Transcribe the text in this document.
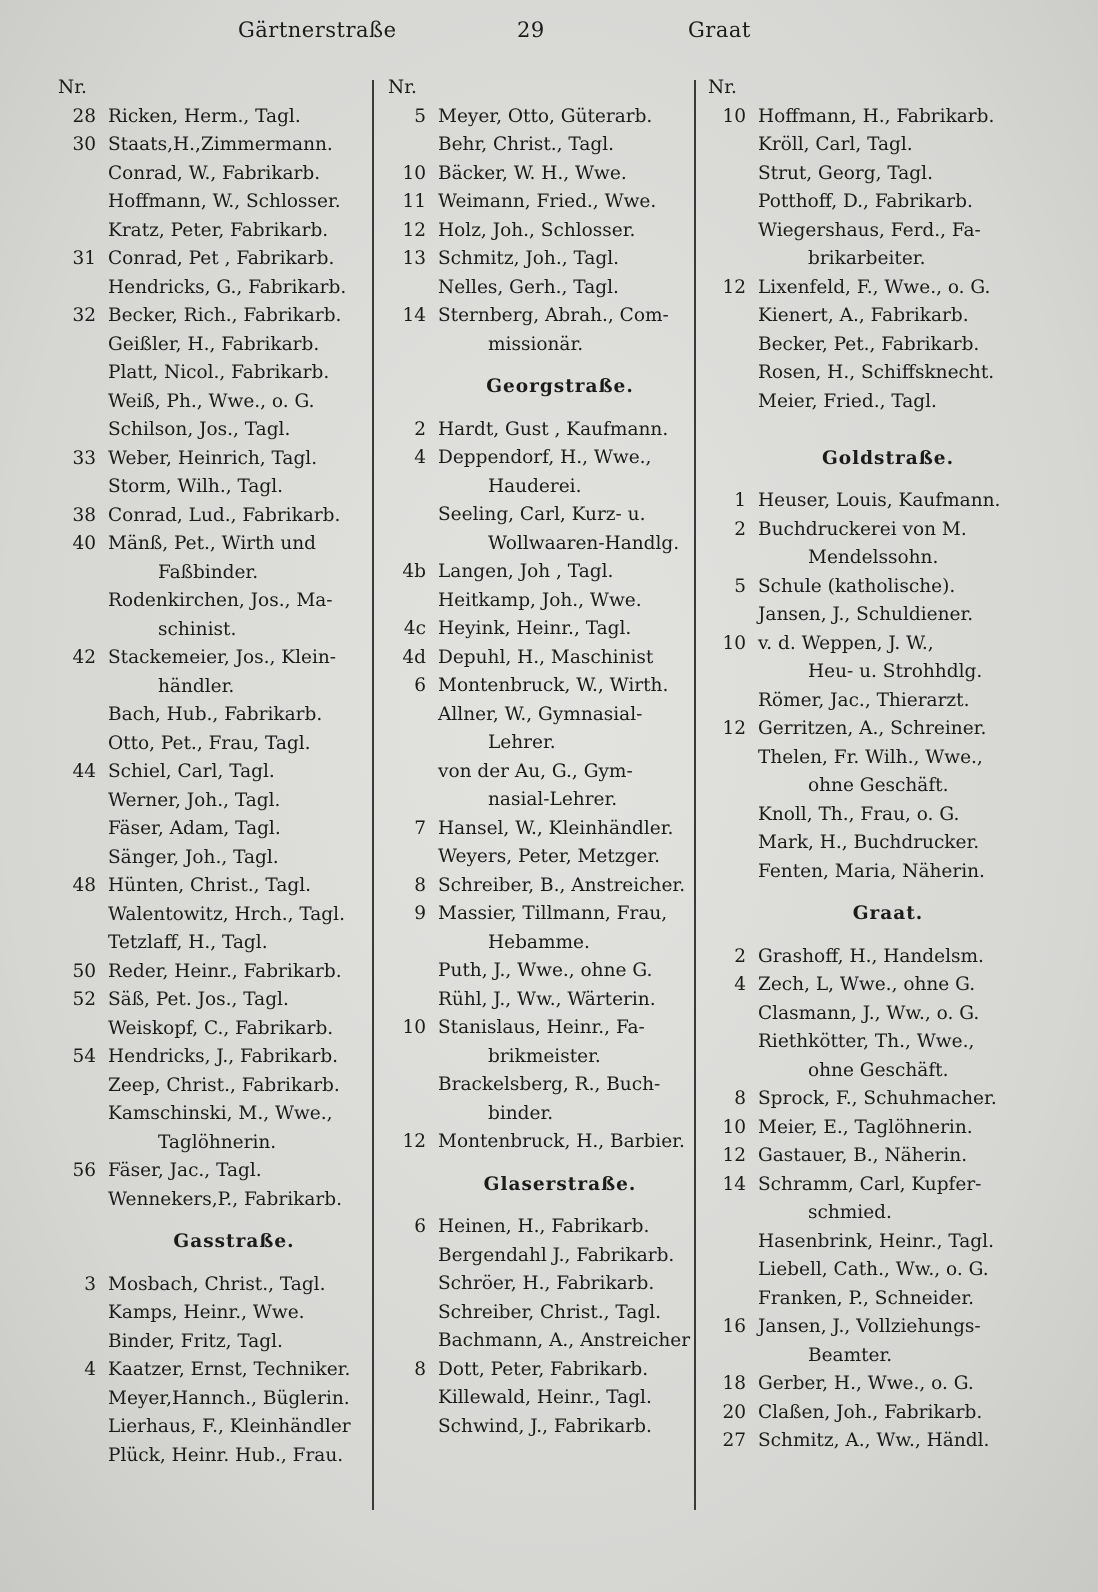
Gärtnerstraße	29	Graat
Nr.
28 Ricken, Herm., Tagl.
30 Staats,H.,Zimmermann.
Conrad, W., Fabrikarb.
Hoffmann, W., Schlosser.
Kratz, Peter, Fabrikarb.
31 Conrad, Pet , Fabrikarb.
Hendricks, G., Fabrikarb.
32 Becker, Rich., Fabrikarb.
Geißler, H., Fabrikarb.
Platt, Nicol., Fabrikarb.
Weiß, Ph., Wwe., o. G.
Schilson, Jos., Tagl.
33 Weber, Heinrich, Tagl.
Storm, Wilh., Tagl.
38 Conrad, Lud., Fabrikarb.
40 Mänß, Pet., Wirth und
Faßbinder.
Rodenkirchen, Jos., Ma-
schinist.
42 Stackemeier, Jos., Klein-
händler.
Bach, Hub., Fabrikarb.
Otto, Pet., Frau, Tagl.
44 Schiel, Carl, Tagl.
Werner, Joh., Tagl.
Fäser, Adam, Tagl.
Sänger, Joh., Tagl.
48 Hünten, Christ., Tagl.
Walentowitz, Hrch., Tagl.
Tetzlaff, H., Tagl.
50 Reder, Heinr., Fabrikarb.
52 Säß, Pet. Jos., Tagl.
Weiskopf, C., Fabrikarb.
54 Hendricks, J., Fabrikarb.
Zeep, Christ., Fabrikarb.
Kamschinski, M., Wwe.,
Taglöhnerin.
56 Fäser, Jac., Tagl.
Wennekers,P., Fabrikarb.
Gasstraße.
3 Mosbach, Christ., Tagl.
Kamps, Heinr., Wwe.
Binder, Fritz, Tagl.
4 Kaatzer, Ernst, Techniker.
Meyer,Hannch., Büglerin.
Lierhaus, F., Kleinhändler
Plück, Heinr. Hub., Frau.
Nr.
5 Meyer, Otto, Güterarb.
Behr, Christ., Tagl.
10 Bäcker, W. H., Wwe.
11 Weimann, Fried., Wwe.
12 Holz, Joh., Schlosser.
13 Schmitz, Joh., Tagl.
Nelles, Gerh., Tagl.
14 Sternberg, Abrah., Com-
missionär.
Georgstraße.
2 Hardt, Gust , Kaufmann.
4 Deppendorf, H., Wwe.,
Hauderei.
Seeling, Carl, Kurz- u.
Wollwaaren-Handlg.
4b Langen, Joh , Tagl.
Heitkamp, Joh., Wwe.
4c Heyink, Heinr., Tagl.
4d Depuhl, H., Maschinist
6 Montenbruck, W., Wirth.
Allner, W., Gymnasial-
Lehrer.
von der Au, G., Gym-
nasial-Lehrer.
7 Hansel, W., Kleinhändler.
Weyers, Peter, Metzger.
8 Schreiber, B., Anstreicher.
9 Massier, Tillmann, Frau,
Hebamme.
Puth, J., Wwe., ohne G.
Rühl, J., Ww., Wärterin.
10 Stanislaus, Heinr., Fa-
brikmeister.
Brackelsberg, R., Buch-
binder.
12 Montenbruck, H., Barbier.
Glaserstraße.
6 Heinen, H., Fabrikarb.
Bergendahl J., Fabrikarb.
Schröer, H., Fabrikarb.
Schreiber, Christ., Tagl.
Bachmann, A., Anstreicher
8 Dott, Peter, Fabrikarb.
Killewald, Heinr., Tagl.
Schwind, J., Fabrikarb.
Nr.
10 Hoffmann, H., Fabrikarb.
Kröll, Carl, Tagl.
Strut, Georg, Tagl.
Potthoff, D., Fabrikarb.
Wiegershaus, Ferd., Fa-
brikarbeiter.
12 Lixenfeld, F., Wwe., o. G.
Kienert, A., Fabrikarb.
Becker, Pet., Fabrikarb.
Rosen, H., Schiffsknecht.
Meier, Fried., Tagl.
Goldstraße.
1 Heuser, Louis, Kaufmann.
2 Buchdruckerei von M.
Mendelssohn.
5 Schule (katholische).
Jansen, J., Schuldiener.
10 v. d. Weppen, J. W.,
Heu- u. Strohhdlg.
Römer, Jac., Thierarzt.
12 Gerritzen, A., Schreiner.
Thelen, Fr. Wilh., Wwe.,
ohne Geschäft.
Knoll, Th., Frau, o. G.
Mark, H., Buchdrucker.
Fenten, Maria, Näherin.
Graat.
2 Grashoff, H., Handelsm.
4 Zech, L, Wwe., ohne G.
Clasmann, J., Ww., o. G.
Riethkötter, Th., Wwe.,
ohne Geschäft.
8 Sprock, F., Schuhmacher.
10 Meier, E., Taglöhnerin.
12 Gastauer, B., Näherin.
14 Schramm, Carl, Kupfer-
schmied.
Hasenbrink, Heinr., Tagl.
Liebell, Cath., Ww., o. G.
Franken, P., Schneider.
16 Jansen, J., Vollziehungs-
Beamter.
18 Gerber, H., Wwe., o. G.
20 Claßen, Joh., Fabrikarb.
27 Schmitz, A., Ww., Händl.
